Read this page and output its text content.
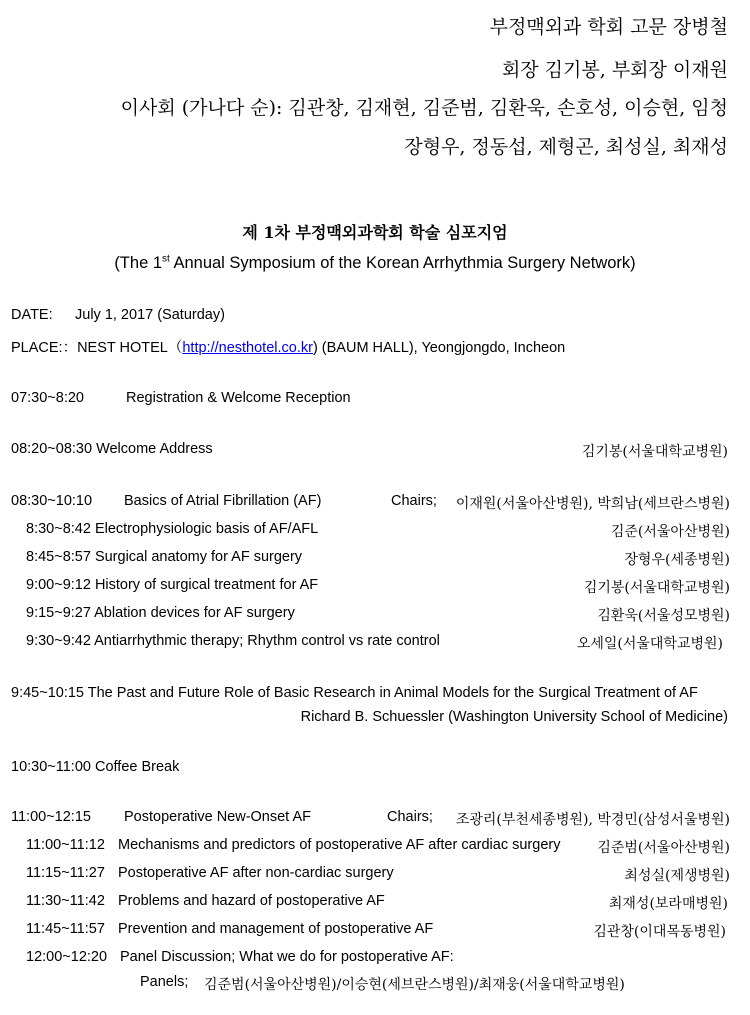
부정맥외과 학회 고문 장병철
회장 김기봉, 부회장 이재원
이사회 (가나다 순): 김관창, 김재현, 김준범, 김환욱, 손호성, 이승현, 임청
장형우, 정동섭, 제형곤, 최성실, 최재성
제 1차 부정맥외과학회 학술 심포지엄
(The 1st Annual Symposium of the Korean Arrhythmia Surgery Network)
DATE: July 1, 2017 (Saturday)
PLACE:：NEST HOTEL（http://nesthotel.co.kr) (BAUM HALL), Yeongjongdo, Incheon
07:30~8:20	Registration & Welcome Reception
08:20~08:30 Welcome Address	김기봉(서울대학교병원)
08:30~10:10 Basics of Atrial Fibrillation (AF)	Chairs; 이재원(서울아산병원), 박희남(세브란스병원)
8:30~8:42 Electrophysiologic basis of AF/AFL	김준(서울아산병원)
8:45~8:57 Surgical anatomy for AF surgery	장형우(세종병원)
9:00~9:12 History of surgical treatment for AF	김기봉(서울대학교병원)
9:15~9:27 Ablation devices for AF surgery	김환욱(서울성모병원)
9:30~9:42 Antiarrhythmic therapy; Rhythm control vs rate control	오세일(서울대학교병원)
9:45~10:15 The Past and Future Role of Basic Research in Animal Models for the Surgical Treatment of AF
Richard B. Schuessler (Washington University School of Medicine)
10:30~11:00 Coffee Break
11:00~12:15 Postoperative New-Onset AF	Chairs; 조광리(부천세종병원), 박경민(삼성서울병원)
11:00~11:12 Mechanisms and predictors of postoperative AF after cardiac surgery	김준범(서울아산병원)
11:15~11:27 Postoperative AF after non-cardiac surgery	최성실(제생병원)
11:30~11:42 Problems and hazard of postoperative AF	최재성(보라매병원)
11:45~11:57 Prevention and management of postoperative AF	김관창(이대목동병원)
12:00~12:20 Panel Discussion; What we do for postoperative AF:
Panels; 김준범(서울아산병원)/이승현(세브란스병원)/최재웅(서울대학교병원)
